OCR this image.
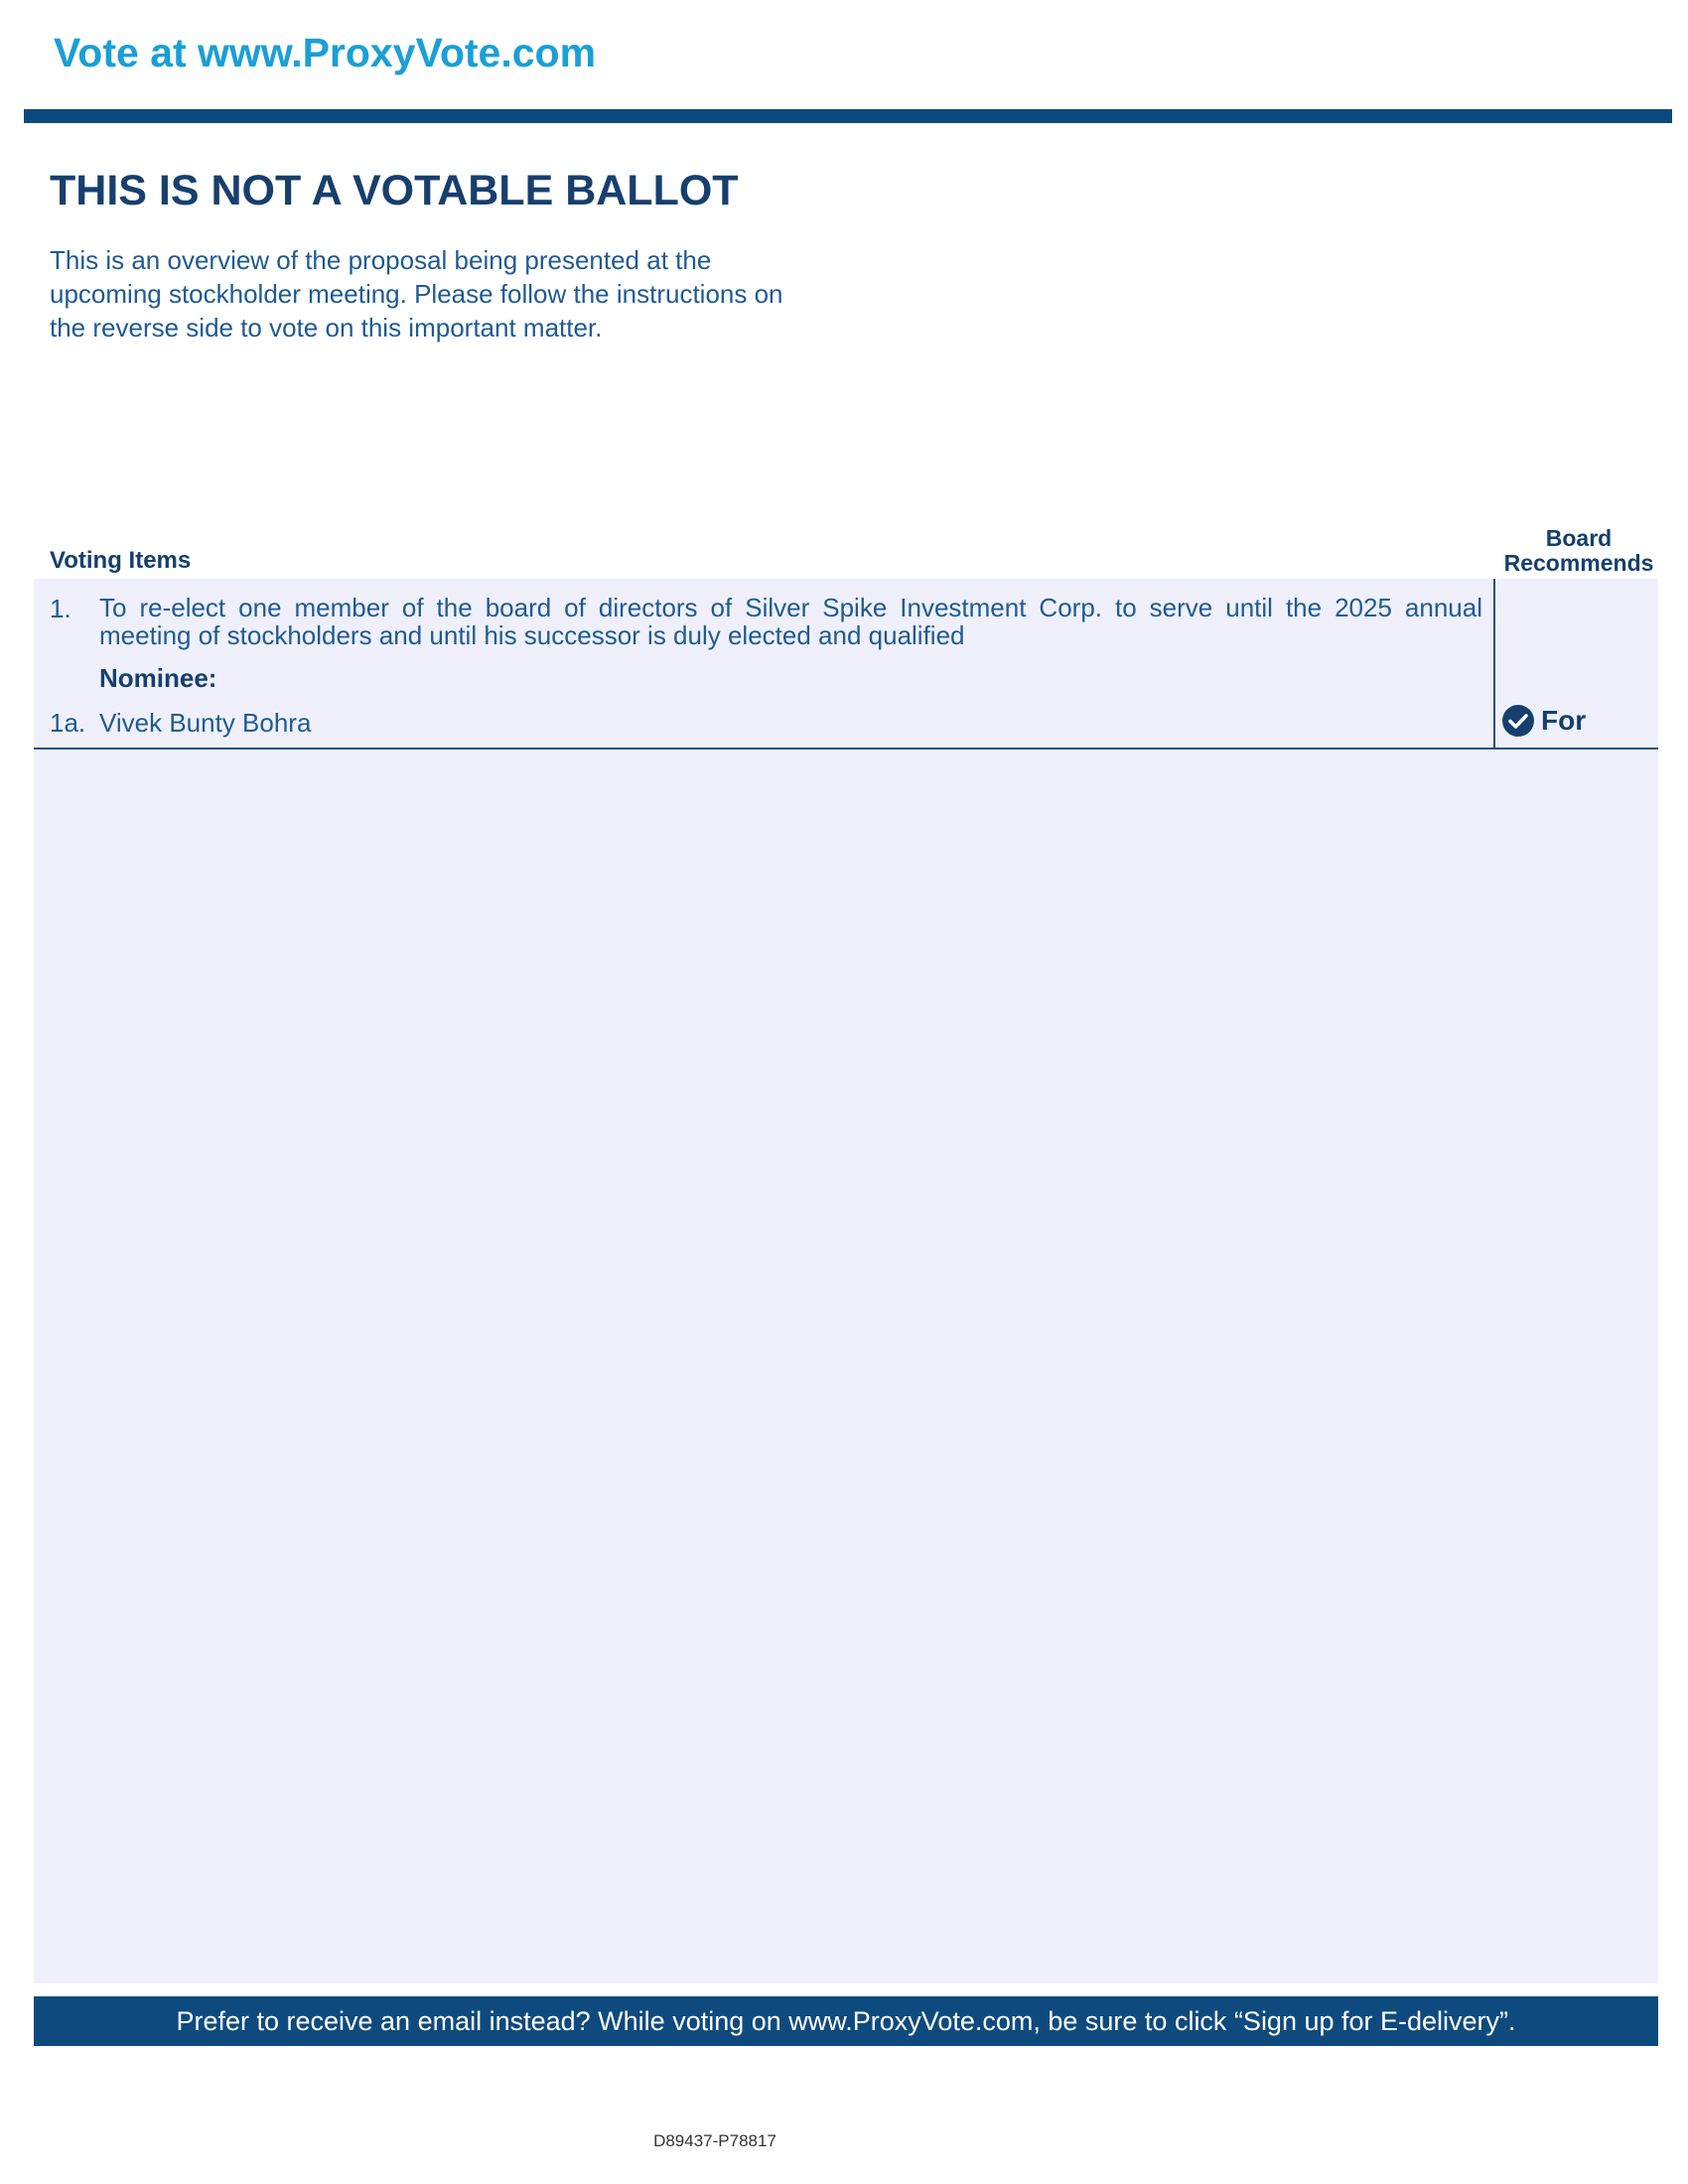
Vote at www.ProxyVote.com
THIS IS NOT A VOTABLE BALLOT
This is an overview of the proposal being presented at the
upcoming stockholder meeting. Please follow the instructions on
the reverse side to vote on this important matter.
Voting Items
Board
Recommends
1. To re-elect one member of the board of directors of Silver Spike Investment Corp. to serve until the 2025 annual
meeting of stockholders and until his successor is duly elected and qualified
Nominee:
1a. Vivek Bunty Bohra	For
Prefer to receive an email instead? While voting on www.ProxyVote.com, be sure to click “Sign up for E-delivery”.
D89437-P78817
